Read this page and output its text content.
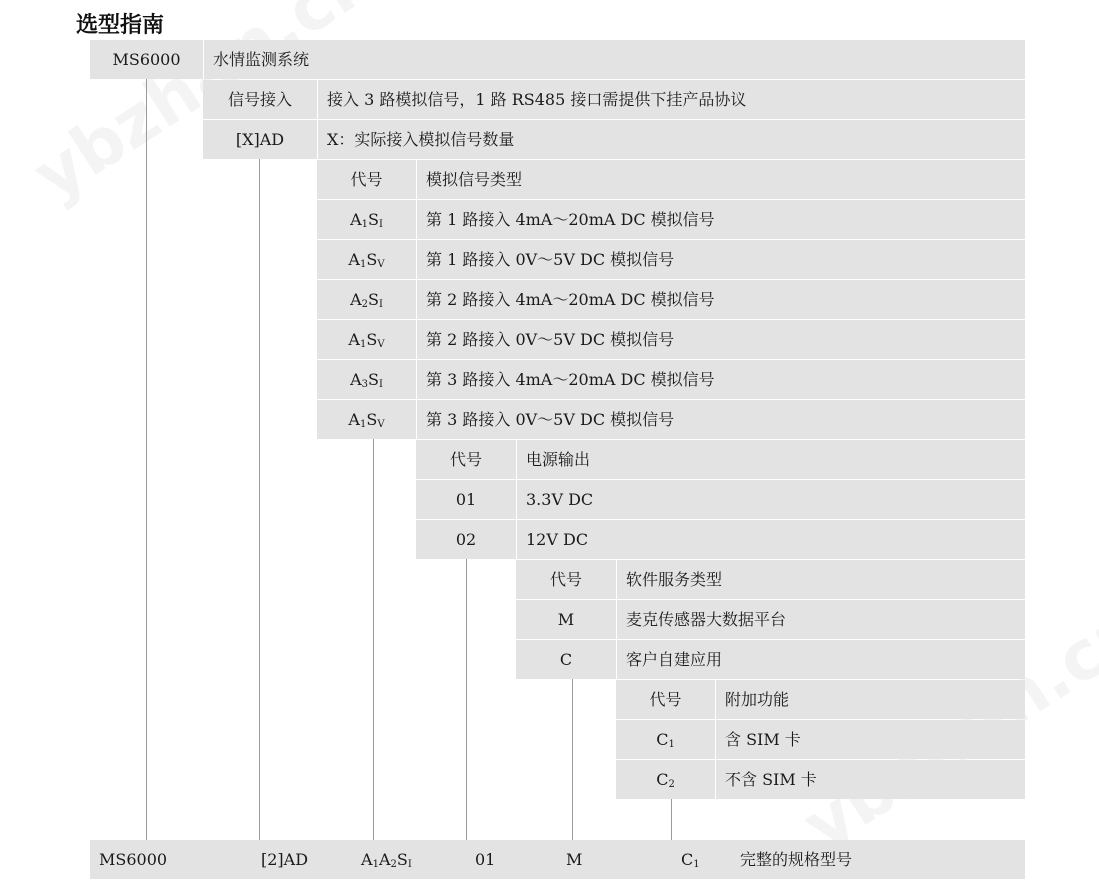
选型指南
MS6000	水情监测系统
信号接入	接入 3 路模拟信号，1 路 RS485 接口需提供下挂产品协议
[X]AD	X：实际接入模拟信号数量
代号	模拟信号类型
$A_1S_I$	第 1 路接入 4mA～20mA DC 模拟信号
$A_1S_V$	第 1 路接入 0V～5V DC 模拟信号
$A_2S_I$	第 2 路接入 4mA～20mA DC 模拟信号
$A_1S_V$	第 2 路接入 0V～5V DC 模拟信号
$A_3S_I$	第 3 路接入 4mA～20mA DC 模拟信号
$A_1S_V$	第 3 路接入 0V～5V DC 模拟信号
代号	电源输出
01	3.3V DC
02	12V DC
代号	软件服务类型
M	麦克传感器大数据平台
C	客户自建应用
代号	附加功能
$C_1$	含 SIM 卡
$C_2$	不含 SIM 卡
MS6000	[2]AD	$A_1A_2S_I$	01	M	$C_1$	完整的规格型号
